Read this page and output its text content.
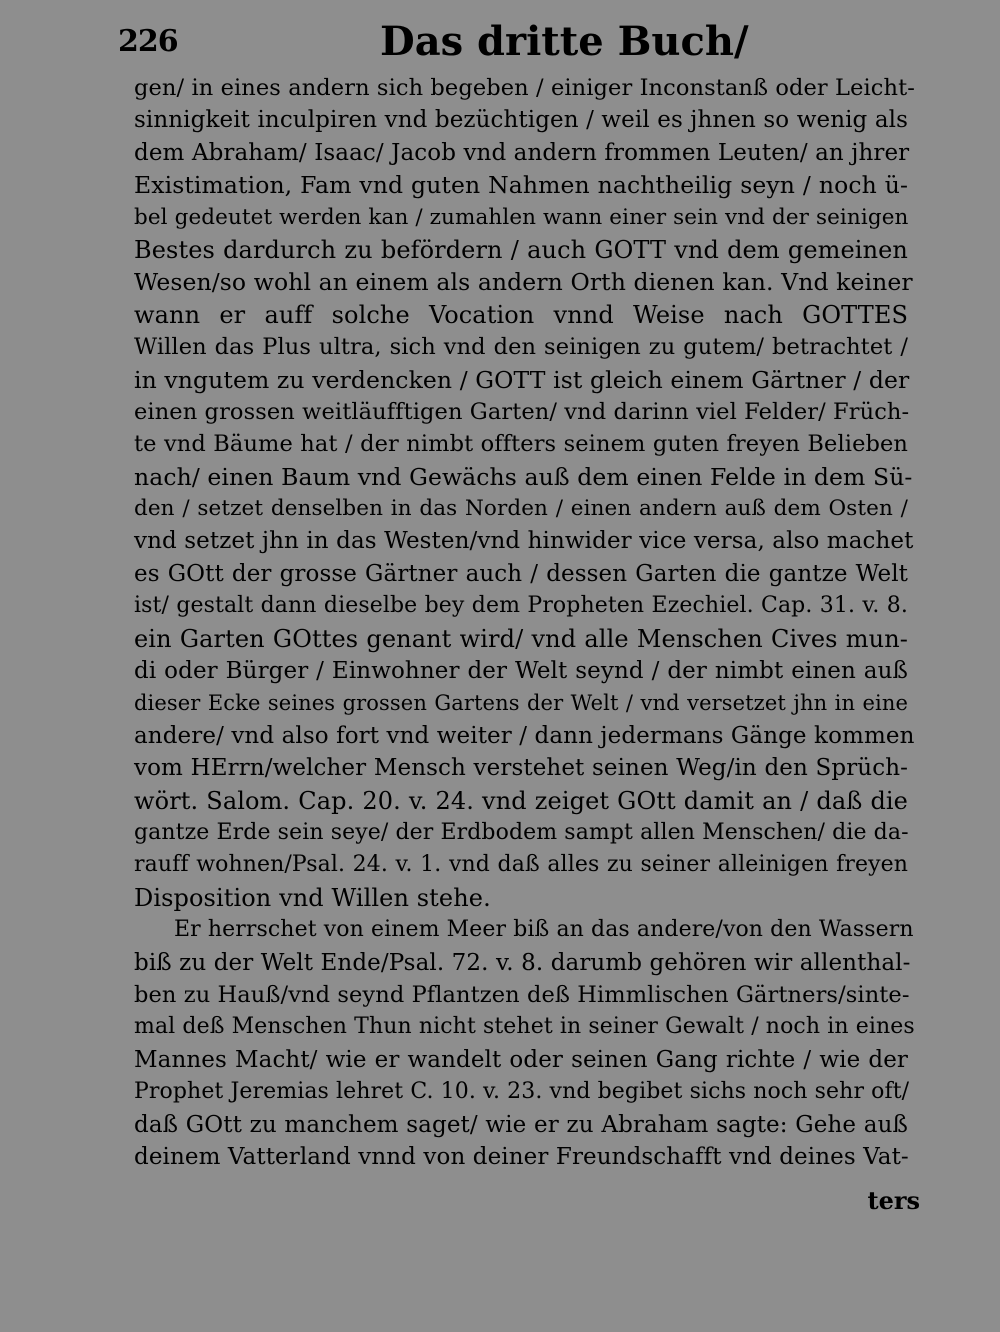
226	Das dritte Buch/
gen/ in eines andern sich begeben / einiger Inconstanß oder Leicht-
sinnigkeit inculpiren vnd bezüchtigen / weil es jhnen so wenig als
dem Abraham/ Isaac/ Jacob vnd andern frommen Leuten/ an jhrer
Existimation, Fam vnd guten Nahmen nachtheilig seyn / noch ü-
bel gedeutet werden kan / zumahlen wann einer sein vnd der seinigen
Bestes dardurch zu befördern / auch GOTT vnd dem gemeinen
Wesen/so wohl an einem als andern Orth dienen kan. Vnd keiner
wann er auff solche Vocation vnnd Weise nach GOTTES
Willen das Plus ultra, sich vnd den seinigen zu gutem/ betrachtet /
in vngutem zu verdencken / GOTT ist gleich einem Gärtner / der
einen grossen weitläufftigen Garten/ vnd darinn viel Felder/ Früch-
te vnd Bäume hat / der nimbt offters seinem guten freyen Belieben
nach/ einen Baum vnd Gewächs auß dem einen Felde in dem Sü-
den / setzet denselben in das Norden / einen andern auß dem Osten /
vnd setzet jhn in das Westen/vnd hinwider vice versa, also machet
es GOtt der grosse Gärtner auch / dessen Garten die gantze Welt
ist/ gestalt dann dieselbe bey dem Propheten Ezechiel. Cap. 31. v. 8.
ein Garten GOttes genant wird/ vnd alle Menschen Cives mun-
di oder Bürger / Einwohner der Welt seynd / der nimbt einen auß
dieser Ecke seines grossen Gartens der Welt / vnd versetzet jhn in eine
andere/ vnd also fort vnd weiter / dann jedermans Gänge kommen
vom HErrn/welcher Mensch verstehet seinen Weg/in den Sprüch-
wört. Salom. Cap. 20. v. 24. vnd zeiget GOtt damit an / daß die
gantze Erde sein seye/ der Erdbodem sampt allen Menschen/ die da-
rauff wohnen/Psal. 24. v. 1. vnd daß alles zu seiner alleinigen freyen
Disposition vnd Willen stehe.
Er herrschet von einem Meer biß an das andere/von den Wassern
biß zu der Welt Ende/Psal. 72. v. 8. darumb gehören wir allenthal-
ben zu Hauß/vnd seynd Pflantzen deß Himmlischen Gärtners/sinte-
mal deß Menschen Thun nicht stehet in seiner Gewalt / noch in eines
Mannes Macht/ wie er wandelt oder seinen Gang richte / wie der
Prophet Jeremias lehret C. 10. v. 23. vnd begibet sichs noch sehr oft/
daß GOtt zu manchem saget/ wie er zu Abraham sagte: Gehe auß
deinem Vatterland vnnd von deiner Freundschafft vnd deines Vat-
ters
